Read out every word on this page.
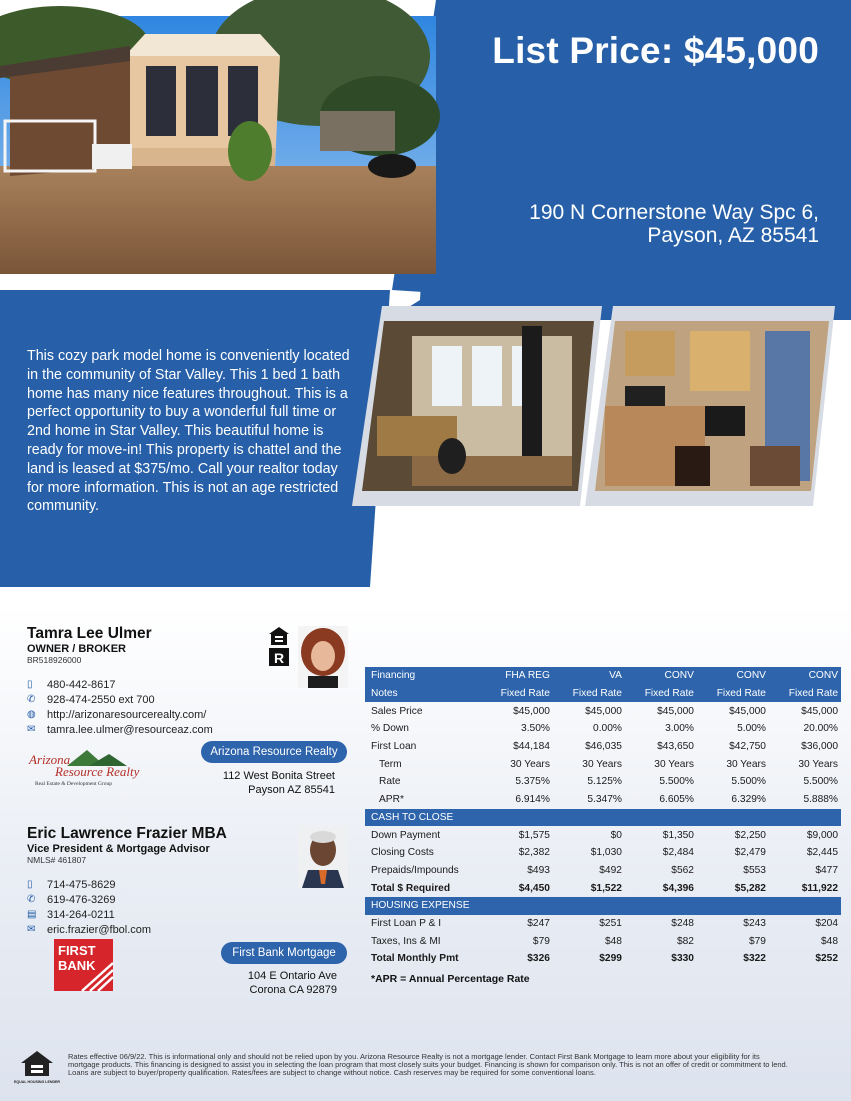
List Price: $45,000
190 N Cornerstone Way Spc 6,
Payson, AZ 85541
This cozy park model home is conveniently located in the community of Star Valley. This 1 bed 1 bath home has many nice features throughout. This is a perfect opportunity to buy a wonderful full time or 2nd home in Star Valley. This beautiful home is ready for move-in! This property is chattel and the land is leased at $375/mo. Call your realtor today for more information. This is not an age restricted community.
Tamra Lee Ulmer
OWNER / BROKER
BR518926000
▯	480-442-8617
✆	928-474-2550 ext 700
◍	http://arizonaresourcerealty.com/
✉	tamra.lee.ulmer@resourceaz.com
R
Arizona
Resource Realty
Real Estate & Development Group
Arizona Resource Realty
112 West Bonita Street
Payson AZ 85541
Eric Lawrence Frazier MBA
Vice President & Mortgage Advisor
NMLS# 461807
▯	714-475-8629
✆	619-476-3269
▤ 314-264-0211
✉	eric.frazier@fbol.com
FIRST
BANK
First Bank Mortgage
104 E Ontario Ave
Corona CA 92879
Financing	FHA REG	VA	CONV	CONV	CONV
Notes	Fixed Rate	Fixed Rate	Fixed Rate	Fixed Rate	Fixed Rate
Sales Price	$45,000	$45,000	$45,000	$45,000	$45,000
% Down	3.50%	0.00%	3.00%	5.00%	20.00%
First Loan	$44,184	$46,035	$43,650	$42,750	$36,000
Term	30 Years	30 Years	30 Years	30 Years	30 Years
Rate	5.375%	5.125%	5.500%	5.500%	5.500%
APR*	6.914%	5.347%	6.605%	6.329%	5.888%
CASH TO CLOSE					
Down Payment	$1,575	$0	$1,350	$2,250	$9,000
Closing Costs	$2,382	$1,030	$2,484	$2,479	$2,445
Prepaids/Impounds	$493	$492	$562	$553	$477
Total $ Required	$4,450	$1,522	$4,396	$5,282	$11,922
HOUSING EXPENSE					
First Loan P & I	$247	$251	$248	$243	$204
Taxes, Ins & MI	$79	$48	$82	$79	$48
Total Monthly Pmt	$326	$299	$330	$322	$252
*APR = Annual Percentage Rate
EQUAL HOUSING LENDER
Rates effective 06/9/22. This is informational only and should not be relied upon by you. Arizona Resource Realty is not a mortgage lender. Contact First Bank Mortgage to learn more about your eligibility for its mortgage products. This financing is designed to assist you in selecting the loan program that most closely suits your budget. Financing is shown for comparison only. This is not an offer of credit or commitment to lend. Loans are subject to buyer/property qualification. Rates/fees are subject to change without notice. Cash reserves may be required for some conventional loans.
